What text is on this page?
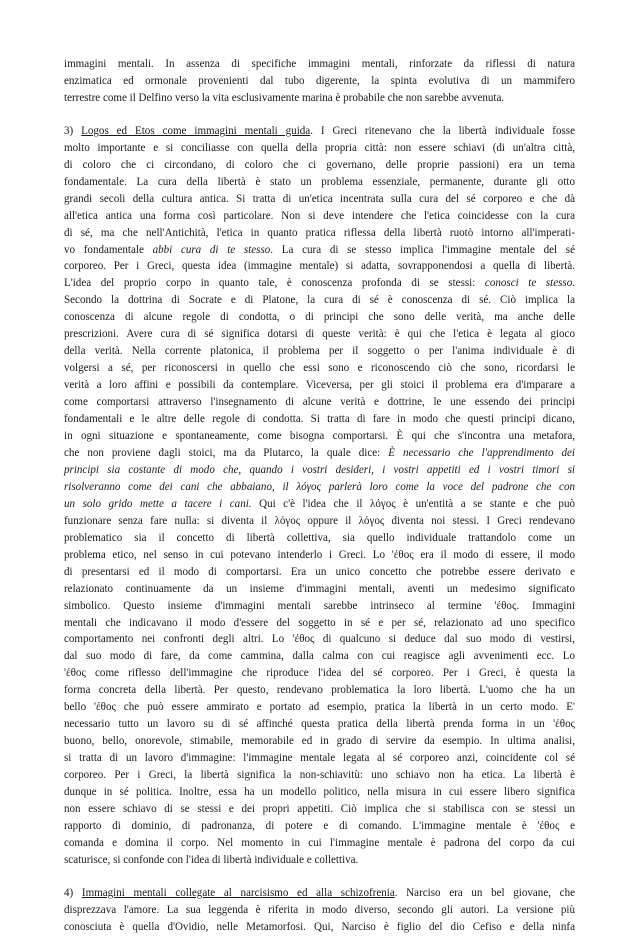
immagini mentali. In assenza di specifiche immagini mentali, rinforzate da riflessi di natura
enzimatica ed ormonale provenienti dal tubo digerente, la spinta evolutiva di un mammifero
terrestre come il Delfino verso la vita esclusivamente marina è probabile che non sarebbe avvenuta.
3) Logos ed Etos come immagini mentali guida. I Greci ritenevano che la libertà individuale fosse
molto importante e si conciliasse con quella della propria città: non essere schiavi (di un'altra città,
di coloro che ci circondano, di coloro che ci governano, delle proprie passioni) era un tema
fondamentale. La cura della libertà è stato un problema essenziale, permanente, durante gli otto
grandi secoli della cultura antica. Si tratta di un'etica incentrata sulla cura del sé corporeo e che dà
all'etica antica una forma così particolare. Non si deve intendere che l'etica coincidesse con la cura
di sé, ma che nell'Antichità, l'etica in quanto pratica riflessa della libertà ruotò intorno all'imperati-
vo fondamentale abbi cura di te stesso. La cura di se stesso implica l'immagine mentale del sé
corporeo. Per i Greci, questa idea (immagine mentale) si adatta, sovrapponendosi a quella di libertà.
L'idea del proprio corpo in quanto tale, è conoscenza profonda di se stessi: conosci te stesso.
Secondo la dottrina di Socrate e di Platone, la cura di sé è conoscenza di sé. Ciò implica la
conoscenza di alcune regole di condotta, o di principi che sono delle verità, ma anche delle
prescrizioni. Avere cura di sé significa dotarsi di queste verità: è qui che l'etica è legata al gioco
della verità. Nella corrente platonica, il problema per il soggetto o per l'anima individuale è di
volgersi a sé, per riconoscersi in quello che essi sono e riconoscendo ciò che sono, ricordarsi le
verità a loro affini e possibili da contemplare. Viceversa, per gli stoici il problema era d'imparare a
come comportarsi attraverso l'insegnamento di alcune verità e dottrine, le une essendo dei principi
fondamentali e le altre delle regole di condotta. Si tratta di fare in modo che questi principi dicano,
in ogni situazione e spontaneamente, come bisogna comportarsi. È qui che s'incontra una metafora,
che non proviene dagli stoici, ma da Plutarco, la quale dice: È necessario che l'apprendimento dei
principi sia costante di modo che, quando i vostri desideri, i vostri appetiti ed i vostri timori si
risolveranno come dei cani che abbaiano, il λόγος parlerà loro come la voce del padrone che con
un solo grido mette a tacere i cani. Qui c'è l'idea che il λόγος è un'entità a se stante e che può
funzionare senza fare nulla: si diventa il λόγος oppure il λόγος diventa noi stessi. I Greci rendevano
problematico sia il concetto di libertà collettiva, sia quello individuale trattandolo come un
problema etico, nel senso in cui potevano intenderlo i Greci. Lo 'έθος era il modo di essere, il modo
di presentarsi ed il modo di comportarsi. Era un unico concetto che potrebbe essere derivato e
relazionato continuamente da un insieme d'immagini mentali, aventi un medesimo significato
simbolico. Questo insieme d'immagini mentali sarebbe intrinseco al termine 'έθος. Immagini
mentali che indicavano il modo d'essere del soggetto in sé e per sé, relazionato ad uno specifico
comportamento nei confronti degli altri. Lo 'έθος di qualcuno si deduce dal suo modo di vestirsi,
dal suo modo di fare, da come cammina, dalla calma con cui reagisce agli avvenimenti ecc. Lo
'έθος come riflesso dell'immagine che riproduce l'idea del sé corporeo. Per i Greci, è questa la
forma concreta della libertà. Per questo, rendevano problematica la loro libertà. L'uomo che ha un
bello 'έθος che può essere ammirato e portato ad esempio, pratica la libertà in un certo modo. E'
necessario tutto un lavoro su di sé affinché questa pratica della libertà prenda forma in un 'έθος
buono, bello, onorevole, stimabile, memorabile ed in grado di servire da esempio. In ultima analisi,
si tratta di un lavoro d'immagine: l'immagine mentale legata al sé corporeo anzi, coincidente col sé
corporeo. Per i Greci, la libertà significa la non-schiavitù: uno schiavo non ha etica. La libertà è
dunque in sé politica. Inoltre, essa ha un modello politico, nella misura in cui essere libero significa
non essere schiavo di se stessi e dei propri appetiti. Ciò implica che si stabilisca con se stessi un
rapporto di dominio, di padronanza, di potere e di comando. L'immagine mentale è 'έθος e
comanda e domina il corpo. Nel momento in cui l'immagine mentale è padrona del corpo da cui
scaturisce, si confonde con l'idea di libertà individuale e collettiva.
4) Immagini mentali collegate al narcisismo ed alla schizofrenia. Narciso era un bel giovane, che
disprezzava l'amore. La sua leggenda è riferita in modo diverso, secondo gli autori. La versione più
conosciuta è quella d'Ovidio, nelle Metamorfosi. Qui, Narciso è figlio del dio Cefiso e della ninfa
